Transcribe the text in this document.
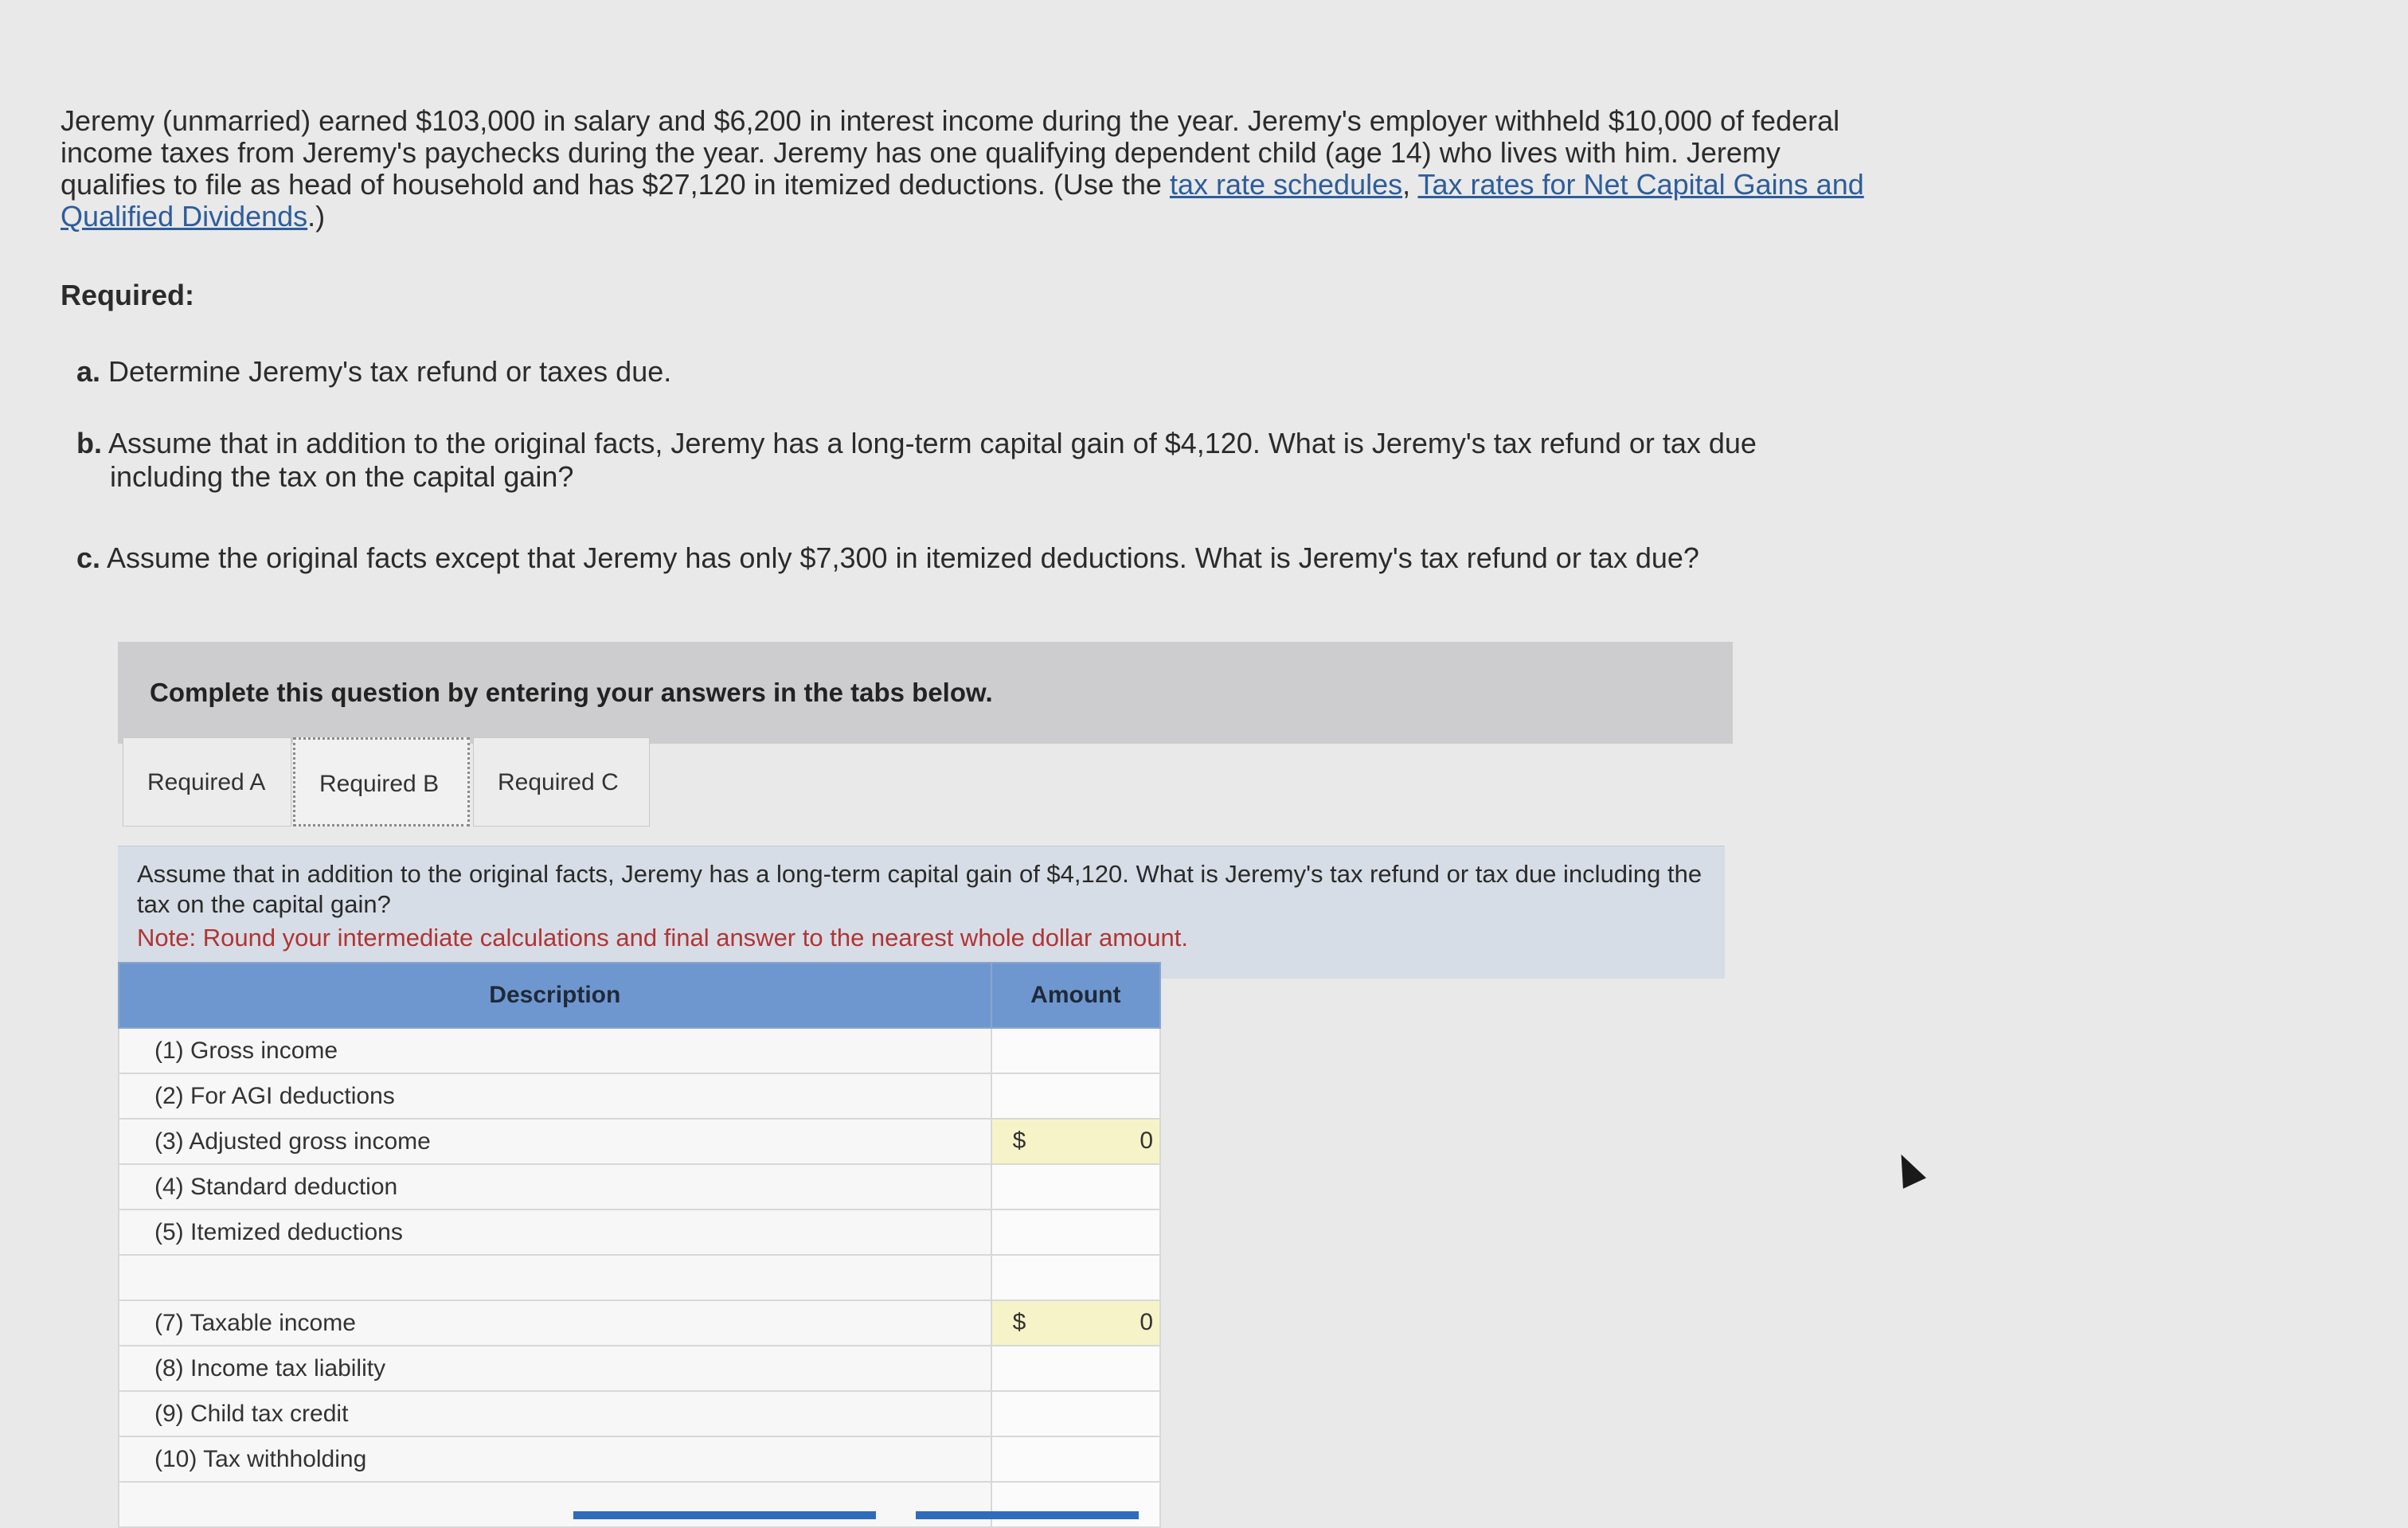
Jeremy (unmarried) earned $103,000 in salary and $6,200 in interest income during the year. Jeremy's employer withheld $10,000 of federal income taxes from Jeremy's paychecks during the year. Jeremy has one qualifying dependent child (age 14) who lives with him. Jeremy qualifies to file as head of household and has $27,120 in itemized deductions. (Use the tax rate schedules, Tax rates for Net Capital Gains and Qualified Dividends.)
Required:
a. Determine Jeremy's tax refund or taxes due.
b. Assume that in addition to the original facts, Jeremy has a long-term capital gain of $4,120. What is Jeremy's tax refund or tax due
including the tax on the capital gain?
c. Assume the original facts except that Jeremy has only $7,300 in itemized deductions. What is Jeremy's tax refund or tax due?
Complete this question by entering your answers in the tabs below.
Required A	Required B	Required C

Assume that in addition to the original facts, Jeremy has a long-term capital gain of $4,120. What is Jeremy's tax refund or tax due including the tax on the capital gain?
Note: Round your intermediate calculations and final answer to the nearest whole dollar amount.

Description	Amount
(1) Gross income	

(2) For AGI deductions	

(3) Adjusted gross income	$ 0

(4) Standard deduction	

(5) Itemized deductions	

(7) Taxable income	$ 0

(8) Income tax liability	

(9) Child tax credit	

(10) Tax withholding	
